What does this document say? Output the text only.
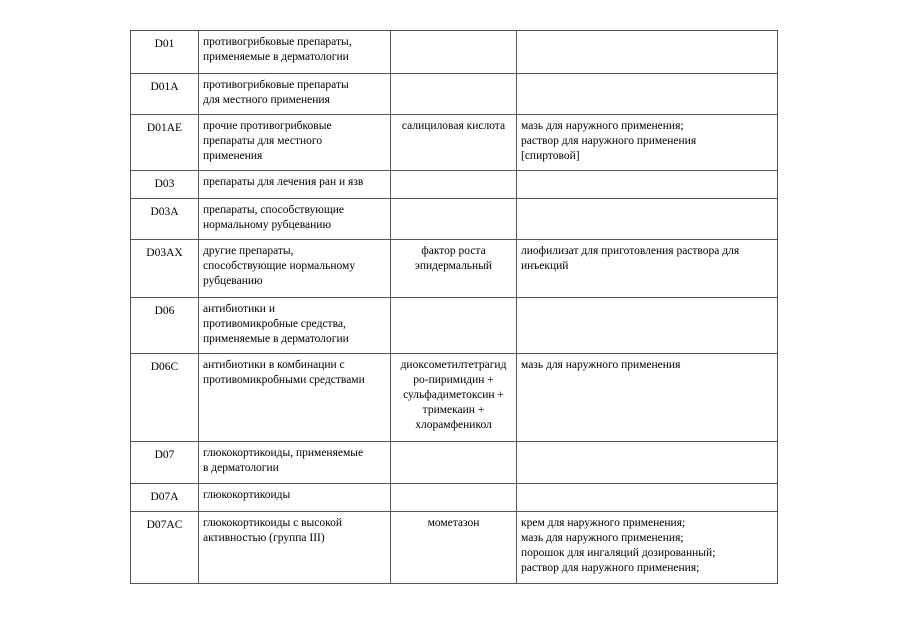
D01	противогрибковые препараты,
применяемые в дерматологии		

D01A	противогрибковые препараты
для местного применения		

D01AE	прочие противогрибковые
препараты для местного
применения	салициловая кислота	мазь для наружного применения;
раствор для наружного применения
[спиртовой]

D03	препараты для лечения ран и язв		

D03A	препараты, способствующие
нормальному рубцеванию		

D03AX	другие препараты,
способствующие нормальному
рубцеванию	фактор роста
эпидермальный	лиофилизат для приготовления раствора для
инъекций

D06	антибиотики и
противомикробные средства,
применяемые в дерматологии		

D06C	антибиотики в комбинации с
противомикробными средствами	диоксометилтетрагид
ро-пиримидин +
сульфадиметоксин +
тримекаин +
хлорамфеникол	мазь для наружного применения

D07	глюкокортикоиды, применяемые
в дерматологии		

D07A	глюкокортикоиды		

D07AC	глюкокортикоиды с высокой
активностью (группа III)	мометазон	крем для наружного применения;
мазь для наружного применения;
порошок для ингаляций дозированный;
раствор для наружного применения;
